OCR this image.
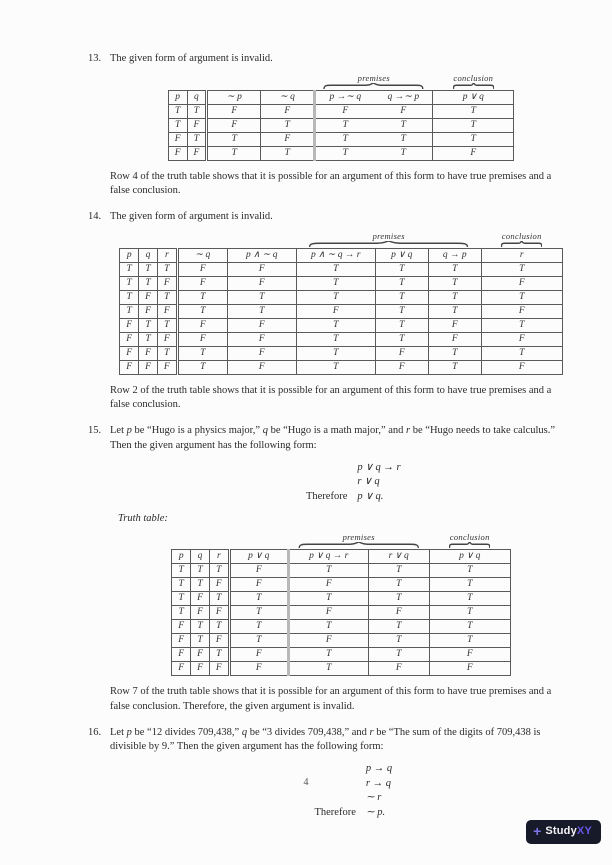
13. The given form of argument is invalid.

				premises		conclusion

p	q	∼ p	∼ q	p →∼ q	q →∼ p	p ∨ q
T	T	F	F	F	F	T
T	F	F	T	T	T	T
F	T	T	F	T	T	T
F	F	T	T	T	T	F

Row 4 of the truth table shows that it is possible for an argument of this form to have true premises and a false conclusion.

14. The given form of argument is invalid.

					premises			conclusion

p	q	r	∼ q	p ∧ ∼ q	p ∧ ∼ q → r	p ∨ q	q → p	r
T	T	T	F	F	T	T	T	T
T	T	F	F	F	T	T	T	F
T	F	T	T	T	T	T	T	T
T	F	F	T	T	F	T	T	F
F	T	T	F	F	T	T	F	T
F	T	F	F	F	T	T	F	F
F	F	T	T	F	T	F	T	T
F	F	F	T	F	T	F	T	F

Row 2 of the truth table shows that it is possible for an argument of this form to have true premises and a false conclusion.

15. Let p be “Hugo is a physics major,” q be “Hugo is a math major,” and r be “Hugo needs to take calculus.” Then the given argument has the following form:

p ∨ q → r
r ∨ q
Therefore p ∨ q.

Truth table:

				premises		conclusion

p	q	r	p ∨ q	p ∨ q → r	r ∨ q	p ∨ q
T	T	T	F	T	T	T
T	T	F	F	F	T	T
T	F	T	T	T	T	T
T	F	F	T	F	F	T
F	T	T	T	T	T	T
F	T	F	T	F	T	T
F	F	T	F	T	T	F
F	F	F	F	T	F	F

Row 7 of the truth table shows that it is possible for an argument of this form to have true premises and a false conclusion. Therefore, the given argument is invalid.

16. Let p be “12 divides 709,438,” q be “3 divides 709,438,” and r be “The sum of the digits of 709,438 is divisible by 9.” Then the given argument has the following form:

p → q
r → q
∼ r
Therefore ∼ p.
4
+ Study XY
